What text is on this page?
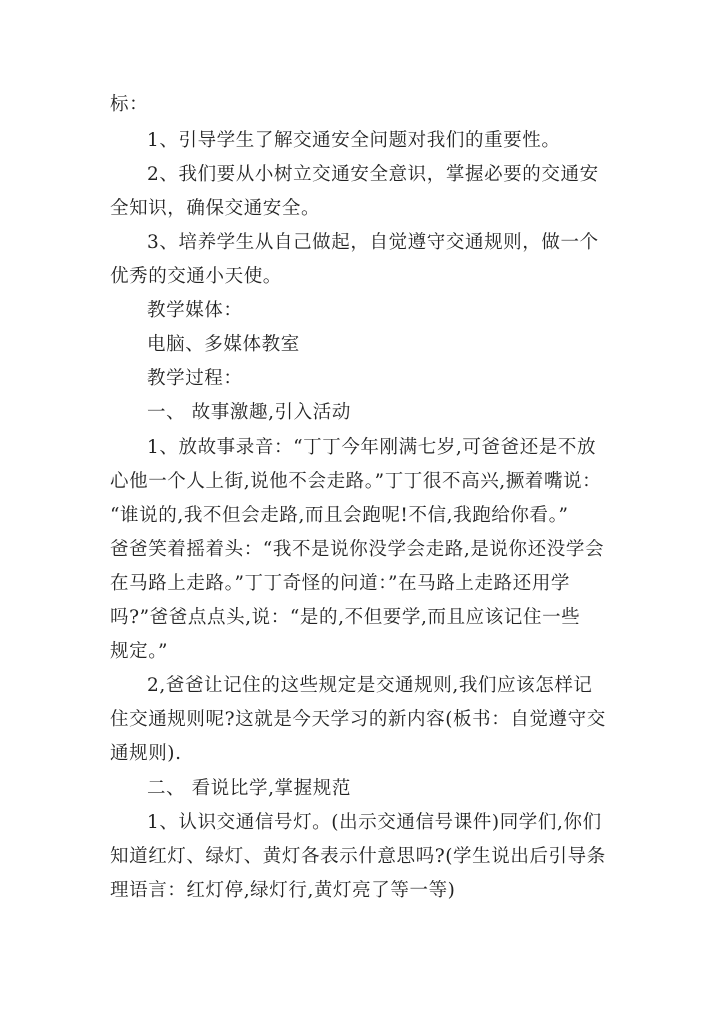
标：
1、引导学生了解交通安全问题对我们的重要性。
2、我们要从小树立交通安全意识，掌握必要的交通安
全知识，确保交通安全。
3、培养学生从自己做起，自觉遵守交通规则，做一个
优秀的交通小天使。
教学媒体：
电脑、多媒体教室
教学过程：
一、 故事激趣,引入活动
1、放故事录音：“丁丁今年刚满七岁,可爸爸还是不放
心他一个人上街,说他不会走路。”丁丁很不高兴,撅着嘴说：
“谁说的,我不但会走路,而且会跑呢!不信,我跑给你看。”
爸爸笑着摇着头：“我不是说你没学会走路,是说你还没学会
在马路上走路。”丁丁奇怪的问道：”在马路上走路还用学
吗?”爸爸点点头,说：“是的,不但要学,而且应该记住一些
规定。”
2,爸爸让记住的这些规定是交通规则,我们应该怎样记
住交通规则呢?这就是今天学习的新内容(板书：自觉遵守交
通规则).
二、 看说比学,掌握规范
1、认识交通信号灯。(出示交通信号课件)同学们,你们
知道红灯、绿灯、黄灯各表示什意思吗?(学生说出后引导条
理语言：红灯停,绿灯行,黄灯亮了等一等)
